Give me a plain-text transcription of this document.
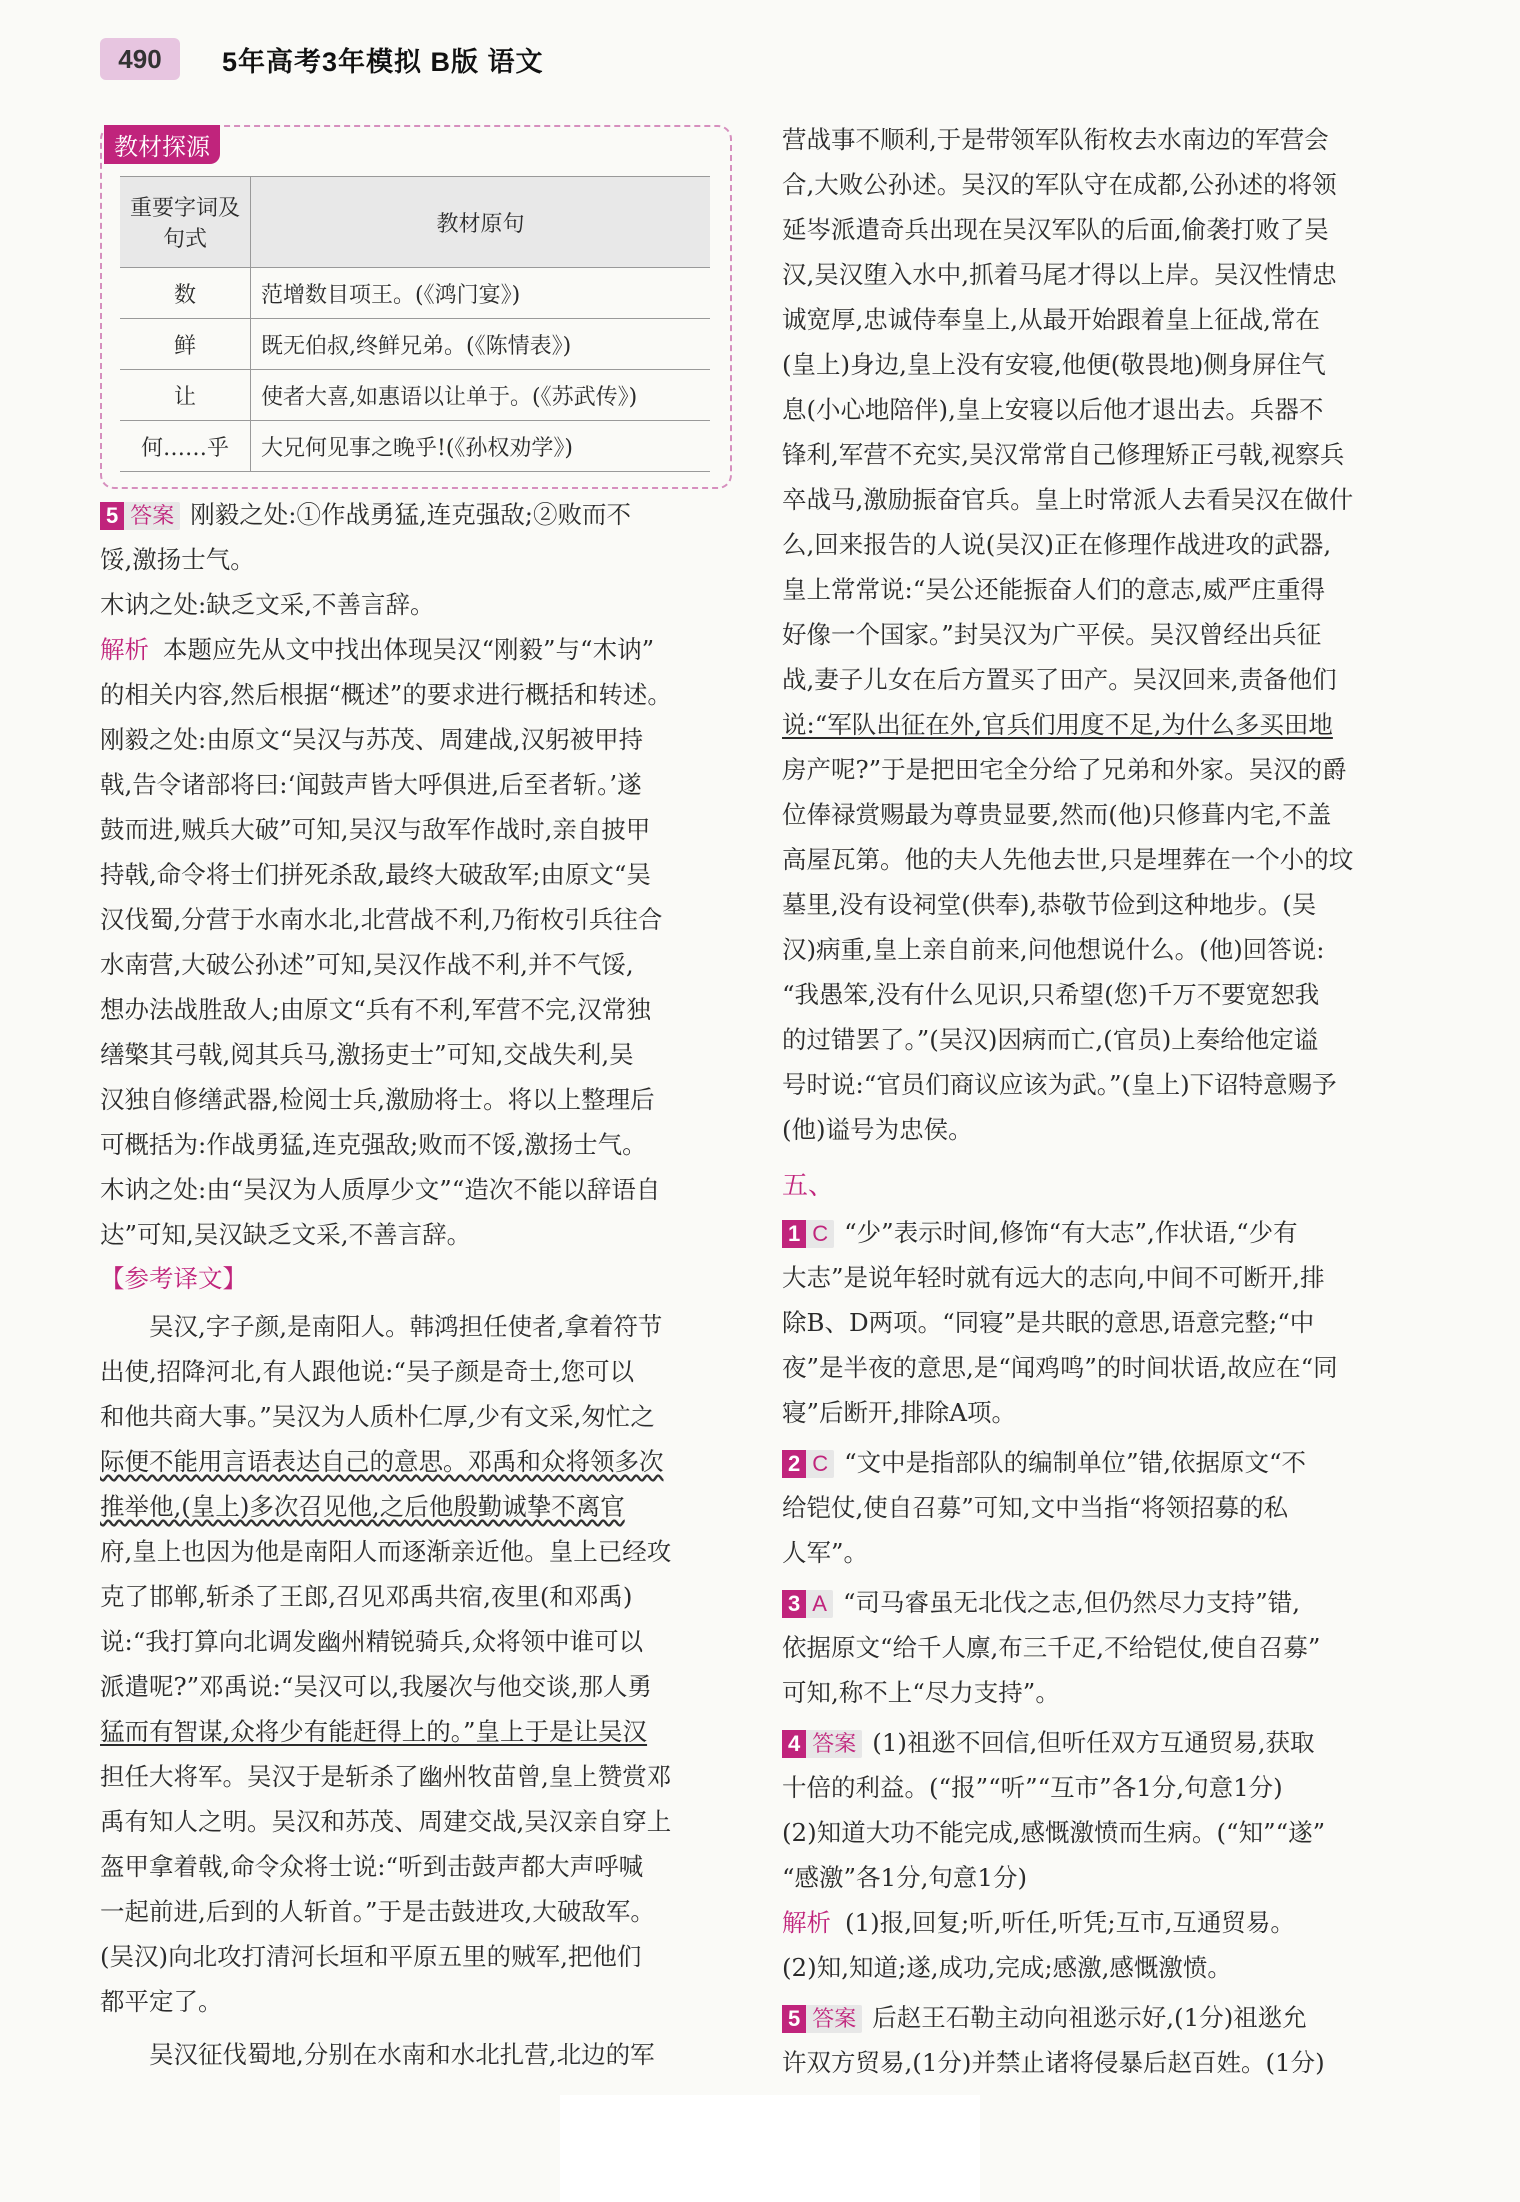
490	5年高考3年模拟 B版 语文
教材探源
重要字词及句式	教材原句
数	范增数目项王。(《鸿门宴》)
鲜	既无伯叔,终鲜兄弟。(《陈情表》)
让	使者大喜,如惠语以让单于。(《苏武传》)
何……乎	大兄何见事之晚乎!(《孙权劝学》)
5 答案 刚毅之处:①作战勇猛,连克强敌;②败而不
馁,激扬士气。
木讷之处:缺乏文采,不善言辞。
解析 本题应先从文中找出体现吴汉“刚毅”与“木讷”
的相关内容,然后根据“概述”的要求进行概括和转述。
刚毅之处:由原文“吴汉与苏茂、周建战,汉躬被甲持
戟,告令诸部将曰:‘闻鼓声皆大呼俱进,后至者斩。’遂
鼓而进,贼兵大破”可知,吴汉与敌军作战时,亲自披甲
持戟,命令将士们拼死杀敌,最终大破敌军;由原文“吴
汉伐蜀,分营于水南水北,北营战不利,乃衔枚引兵往合
水南营,大破公孙述”可知,吴汉作战不利,并不气馁,
想办法战胜敌人;由原文“兵有不利,军营不完,汉常独
缮檠其弓戟,阅其兵马,激扬吏士”可知,交战失利,吴
汉独自修缮武器,检阅士兵,激励将士。将以上整理后
可概括为:作战勇猛,连克强敌;败而不馁,激扬士气。
木讷之处:由“吴汉为人质厚少文”“造次不能以辞语自
达”可知,吴汉缺乏文采,不善言辞。
【参考译文】
吴汉,字子颜,是南阳人。韩鸿担任使者,拿着符节
出使,招降河北,有人跟他说:“吴子颜是奇士,您可以
和他共商大事。”吴汉为人质朴仁厚,少有文采,匆忙之
际便不能用言语表达自己的意思。邓禹和众将领多次
推举他,(皇上)多次召见他,之后他殷勤诚挚不离官
府,皇上也因为他是南阳人而逐渐亲近他。皇上已经攻
克了邯郸,斩杀了王郎,召见邓禹共宿,夜里(和邓禹)
说:“我打算向北调发幽州精锐骑兵,众将领中谁可以
派遣呢?”邓禹说:“吴汉可以,我屡次与他交谈,那人勇
猛而有智谋,众将少有能赶得上的。”皇上于是让吴汉
担任大将军。吴汉于是斩杀了幽州牧苗曾,皇上赞赏邓
禹有知人之明。吴汉和苏茂、周建交战,吴汉亲自穿上
盔甲拿着戟,命令众将士说:“听到击鼓声都大声呼喊
一起前进,后到的人斩首。”于是击鼓进攻,大破敌军。
(吴汉)向北攻打清河长垣和平原五里的贼军,把他们
都平定了。
吴汉征伐蜀地,分别在水南和水北扎营,北边的军
营战事不顺利,于是带领军队衔枚去水南边的军营会
合,大败公孙述。吴汉的军队守在成都,公孙述的将领
延岑派遣奇兵出现在吴汉军队的后面,偷袭打败了吴
汉,吴汉堕入水中,抓着马尾才得以上岸。吴汉性情忠
诚宽厚,忠诚侍奉皇上,从最开始跟着皇上征战,常在
(皇上)身边,皇上没有安寝,他便(敬畏地)侧身屏住气
息(小心地陪伴),皇上安寝以后他才退出去。兵器不
锋利,军营不充实,吴汉常常自己修理矫正弓戟,视察兵
卒战马,激励振奋官兵。皇上时常派人去看吴汉在做什
么,回来报告的人说(吴汉)正在修理作战进攻的武器,
皇上常常说:“吴公还能振奋人们的意志,威严庄重得
好像一个国家。”封吴汉为广平侯。吴汉曾经出兵征
战,妻子儿女在后方置买了田产。吴汉回来,责备他们
说:“军队出征在外,官兵们用度不足,为什么多买田地
房产呢?”于是把田宅全分给了兄弟和外家。吴汉的爵
位俸禄赏赐最为尊贵显要,然而(他)只修葺内宅,不盖
高屋瓦第。他的夫人先他去世,只是埋葬在一个小的坟
墓里,没有设祠堂(供奉),恭敬节俭到这种地步。(吴
汉)病重,皇上亲自前来,问他想说什么。(他)回答说:
“我愚笨,没有什么见识,只希望(您)千万不要宽恕我
的过错罢了。”(吴汉)因病而亡,(官员)上奏给他定谥
号时说:“官员们商议应该为武。”(皇上)下诏特意赐予
(他)谥号为忠侯。
五、
1 C “少”表示时间,修饰“有大志”,作状语,“少有
大志”是说年轻时就有远大的志向,中间不可断开,排
除B、D两项。“同寝”是共眠的意思,语意完整;“中
夜”是半夜的意思,是“闻鸡鸣”的时间状语,故应在“同
寝”后断开,排除A项。
2 C “文中是指部队的编制单位”错,依据原文“不
给铠仗,使自召募”可知,文中当指“将领招募的私
人军”。
3 A “司马睿虽无北伐之志,但仍然尽力支持”错,
依据原文“给千人廪,布三千疋,不给铠仗,使自召募”
可知,称不上“尽力支持”。
4 答案 (1)祖逖不回信,但听任双方互通贸易,获取
十倍的利益。(“报”“听”“互市”各1分,句意1分)
(2)知道大功不能完成,感慨激愤而生病。(“知”“遂”
“感激”各1分,句意1分)
解析 (1)报,回复;听,听任,听凭;互市,互通贸易。
(2)知,知道;遂,成功,完成;感激,感慨激愤。
5 答案 后赵王石勒主动向祖逖示好,(1分)祖逖允
许双方贸易,(1分)并禁止诸将侵暴后赵百姓。(1分)
